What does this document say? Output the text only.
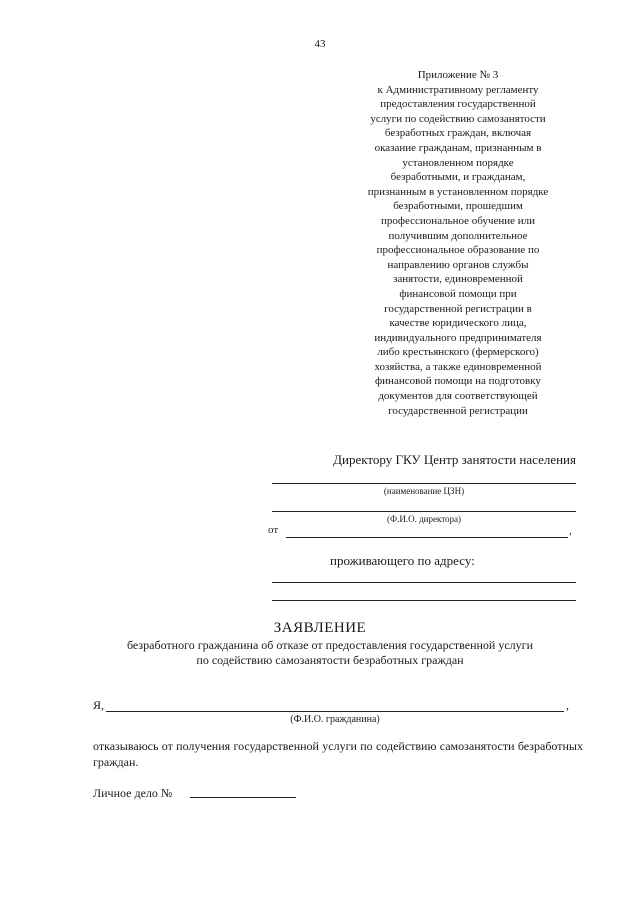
43
Приложение № 3
к Административному регламенту
предоставления государственной
услуги по содействию самозанятости
безработных граждан, включая
оказание гражданам, признанным в
установленном порядке
безработными, и гражданам,
признанным в установленном порядке
безработными, прошедшим
профессиональное обучение или
получившим дополнительное
профессиональное образование по
направлению органов службы
занятости, единовременной
финансовой помощи при
государственной регистрации в
качестве юридического лица,
индивидуального предпринимателя
либо крестьянского (фермерского)
хозяйства, а также единовременной
финансовой помощи на подготовку
документов для соответствующей
государственной регистрации
Директору ГКУ Центр занятости населения
(наименование ЦЗН)
(Ф.И.О. директора)
от	,
проживающего по адресу:
ЗАЯВЛЕНИЕ
безработного гражданина об отказе от предоставления государственной услуги
по содействию самозанятости безработных граждан
Я,	,
(Ф.И.О. гражданина)
отказываюсь от получения государственной услуги по содействию самозанятости безработных граждан.
Личное дело №
